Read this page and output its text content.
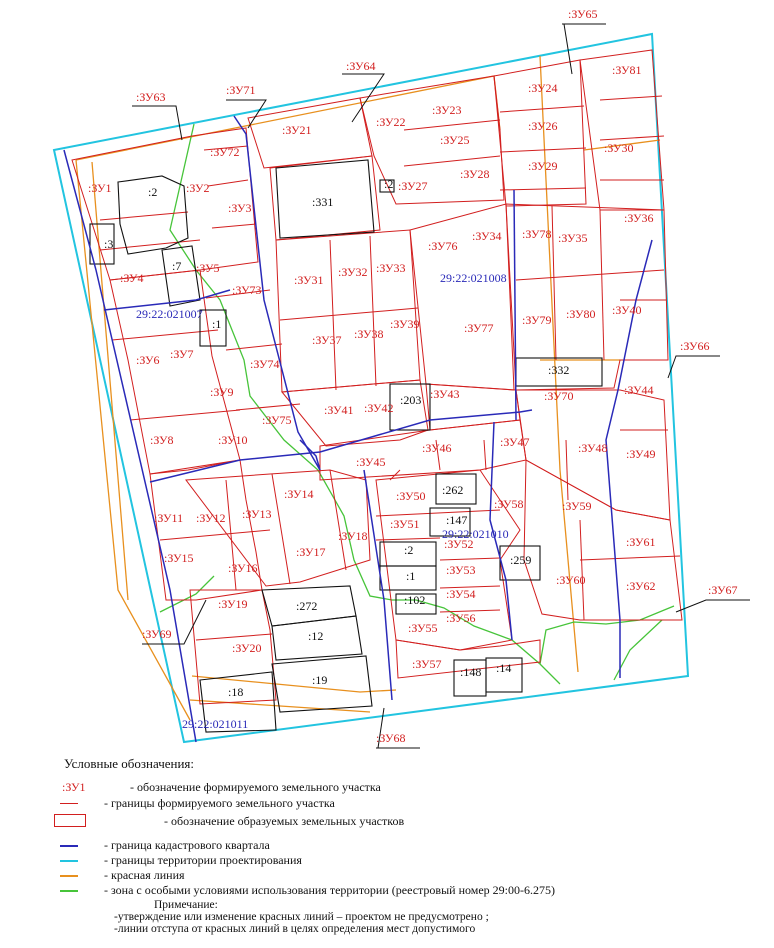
:ЗУ1	:ЗУ2
:ЗУ3
:ЗУ4
:ЗУ5
:ЗУ6 :ЗУ7
:ЗУ8
:ЗУ9
:ЗУ10
:ЗУ11 :ЗУ12 :ЗУ13
:ЗУ14
:ЗУ15
:ЗУ16
:ЗУ17
:ЗУ18
:ЗУ19
:ЗУ20
:ЗУ21
:ЗУ22
:ЗУ23
:ЗУ24
:ЗУ25
:ЗУ26
:ЗУ27
:ЗУ28
:ЗУ29
:ЗУ30
:ЗУ31
:ЗУ32 :ЗУ33
:ЗУ34	:ЗУ35
:ЗУ36
:ЗУ37 :ЗУ38
:ЗУ39
:ЗУ40
:ЗУ41 :ЗУ42
:ЗУ43	:ЗУ44
:ЗУ45
:ЗУ46	:ЗУ47	:ЗУ48 :ЗУ49
:ЗУ50
:ЗУ51
:ЗУ52
:ЗУ53
:ЗУ54
:ЗУ55
:ЗУ56
:ЗУ57
:ЗУ58	:ЗУ59
:ЗУ60
:ЗУ61
:ЗУ62
:ЗУ70
:ЗУ72
:ЗУ73
:ЗУ74
:ЗУ75
:ЗУ76
:ЗУ77
:ЗУ78
:ЗУ79 :ЗУ80
:ЗУ81
:ЗУ63
:ЗУ64
:ЗУ65
:ЗУ66
:ЗУ67
:ЗУ68
:ЗУ69
:ЗУ71
:2
:3
:7
:1
:331
:2
:332
:203
:262
:147
:2
:1
:259
:272
:12
:102
:18
:19
:148 :14
29:22:021007
29:22:021008
29:22:021010
29:22:021011
Условные обозначения:
:ЗУ1	- обозначение формируемого земельного участка
- границы формируемого земельного участка
- обозначение образуемых земельных участков
- граница кадастрового квартала
- границы территории проектирования
- красная линия
- зона с особыми условиями использования территории (реестровый номер 29:00-6.275)
Примечание:
-утверждение или изменение красных линий – проектом не предусмотрено ;
-линии отступа от красных линий в целях определения мест допустимого
